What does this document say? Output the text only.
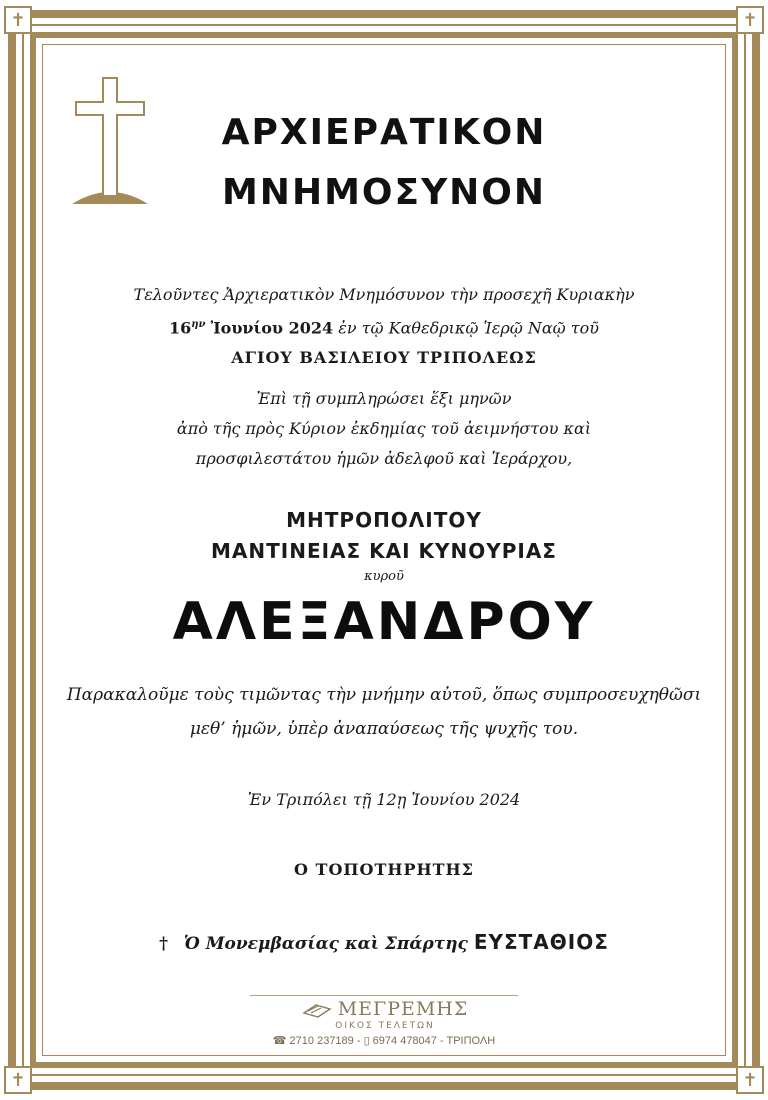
✝	✝
✝	✝
ΑΡΧΙΕΡΑΤΙΚΟΝ
ΜΝΗΜΟΣΥΝΟΝ
Τελοῦντες Ἀρχιερατικὸν Μνημόσυνον τὴν προσεχῆ Κυριακὴν
$16^{\eta\nu}$ Ἰουνίου 2024 ἐν τῷ Καθεδρικῷ Ἱερῷ Ναῷ τοῦ
ΑΓΙΟΥ ΒΑΣΙΛΕΙΟΥ ΤΡΙΠΟΛΕΩΣ
Ἐπὶ τῇ συμπληρώσει ἕξι μηνῶν
ἀπὸ τῆς πρὸς Κύριον ἐκδημίας τοῦ ἀειμνήστου καὶ
προσφιλεστάτου ἡμῶν ἀδελφοῦ καὶ Ἱεράρχου,
ΜΗΤΡΟΠΟΛΙΤΟΥ
ΜΑΝΤΙΝΕΙΑΣ ΚΑΙ ΚΥΝΟΥΡΙΑΣ
κυροῦ
ΑΛΕΞΑΝΔΡΟΥ
Παρακαλοῦμε τοὺς τιμῶντας τὴν μνήμην αὐτοῦ, ὅπως συμπροσευχηθῶσι
μεθ’ ἡμῶν, ὑπὲρ ἀναπαύσεως τῆς ψυχῆς του.
Ἐν Τριπόλει τῇ 12ῃ Ἰουνίου 2024
Ο ΤΟΠΟΤΗΡΗΤΗΣ
† Ὁ Μονεμβασίας καὶ Σπάρτης ΕΥΣΤΑΘΙΟΣ
ΜΕΓΡΕΜΗΣ
ΟΙΚΟΣ ΤΕΛΕΤΩΝ
☎ 2710 237189 - ▯ 6974 478047 - ΤΡΙΠΟΛΗ
